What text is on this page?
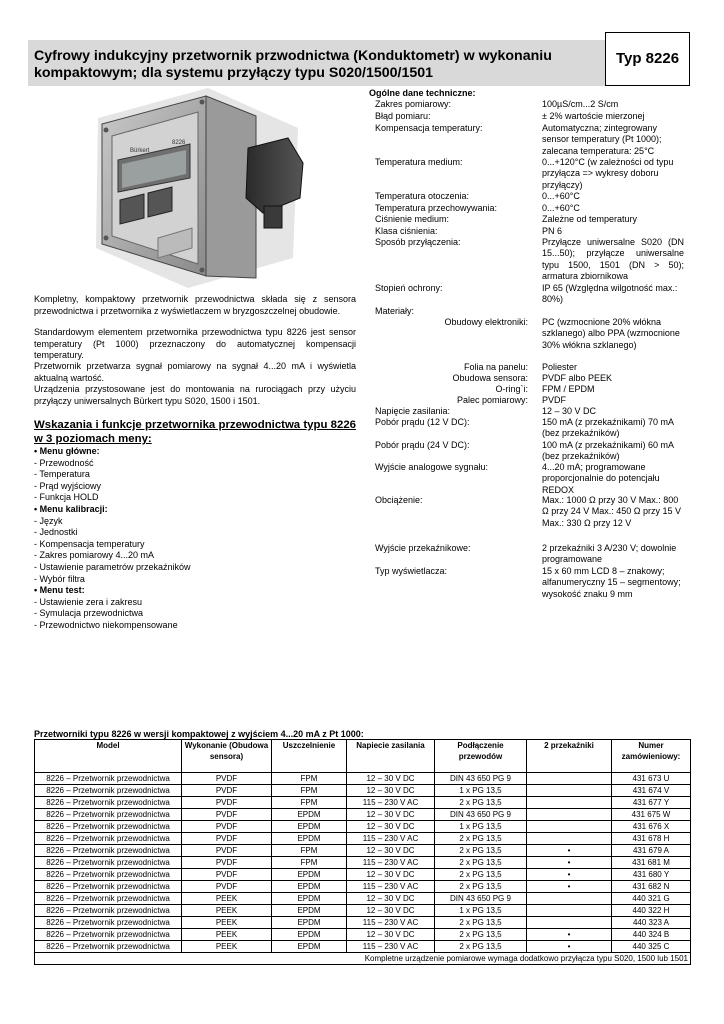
Cyfrowy indukcyjny przetwornik przwodnictwa (Konduktometr) w wykonaniu kompaktowym; dla systemu przyłączy typu S020/1500/1501
Typ 8226
Bürkert
8226
Kompletny, kompaktowy przetwornik przewodnictwa składa się z sensora przewodnictwa i przetwornika z wyświetlaczem w bryzgoszczelnej obudowie.
Standardowym elementem przetwornika przewodnictwa typu 8226 jest sensor temperatury (Pt 1000) przeznaczony do automatycznej kompensacji temperatury.
Przetwornik przetwarza sygnał pomiarowy na sygnał 4...20 mA i wyświetla aktualną wartość.
Urządzenia przystosowane jest do montowania na rurociągach przy użyciu przyłączy uniwersalnych Bürkert typu S020, 1500 i 1501.
Wskazania i funkcje przetwornika przewodnictwa typu 8226 w 3 poziomach meny:
• Menu główne:
- Przewodność
- Temperatura
- Prąd wyjściowy
- Funkcja HOLD
• Menu kalibracji:
- Język
- Jednostki
- Kompensacja temperatury
- Zakres pomiarowy 4...20 mA
- Ustawienie parametrów przekaźników
- Wybór filtra
• Menu test:
- Ustawienie zera i zakresu
- Symulacja przewodnictwa
- Przewodnictwo niekompensowane
Ogólne dane techniczne:
Zakres pomiarowy:	100µS/cm...2 S/cm
Błąd pomiaru:	± 2% wartoście mierzonej
Kompensacja temperatury:	Automatyczna; zintegrowany sensor temperatury (Pt 1000); zalecana temperatura: 25°C
Temperatura medium:	0...+120°C (w zależności od typu przyłącza => wykresy doboru przyłączy)
Temperatura otoczenia:	0...+60°C
Temperatura przechowywania:	0...+60°C
Ciśnienie medium:	Zależne od temperatury
Klasa ciśnienia:	PN 6
Sposób przyłączenia:	Przyłącze uniwersalne S020 (DN 15...50); przyłącze uniwersalne typu 1500, 1501 (DN > 50); armatura zbiornikowa
Stopień ochrony:	IP 65 (Względna wilgotność max.: 80%)
Materiały:
Obudowy elektroniki: PC (wzmocnione 20% włókna szklanego) albo PPA (wzmocnione 30% włókna szklanego)
Folia na panelu: Poliester
Obudowa sensora: PVDF albo PEEK
O-ring`i: FPM / EPDM
Palec pomiarowy: PVDF
Napięcie zasilania:	12 – 30 V DC
Pobór prądu (12 V DC):	150 mA (z przekaźnikami) 70 mA (bez przekaźników)
Pobór prądu (24 V DC):	100 mA (z przekaźnikami) 60 mA (bez przekaźników)
Wyjście analogowe sygnału:	4...20 mA; programowane proporcjonalnie do potencjału REDOX
Obciążenie:	Max.: 1000 Ω przy 30 V Max.: 800 Ω przy 24 V Max.: 450 Ω przy 15 V Max.: 330 Ω przy 12 V
Wyjście przekaźnikowe:	2 przekaźniki 3 A/230 V; dowolnie programowane
Typ wyświetlacza:	15 x 60 mm LCD 8 – znakowy; alfanumeryczny 15 – segmentowy; wysokość znaku 9 mm
Przetworniki typu 8226 w wersji kompaktowej z wyjściem 4...20 mA z Pt 1000:
Model	Wykonanie (Obudowa sensora)	Uszczelnienie	Napiecie zasilania	Podłączenie przewodów	2 przekaźniki	Numer zamówieniowy:
8226 – Przetwornik przewodnictwa	PVDF	FPM	12 – 30 V DC	DIN 43 650 PG 9		431 673 U
8226 – Przetwornik przewodnictwa	PVDF	FPM	12 – 30 V DC	1 x PG 13,5		431 674 V
8226 – Przetwornik przewodnictwa	PVDF	FPM	115 – 230 V AC	2 x PG 13,5		431 677 Y
8226 – Przetwornik przewodnictwa	PVDF	EPDM	12 – 30 V DC	DIN 43 650 PG 9		431 675 W
8226 – Przetwornik przewodnictwa	PVDF	EPDM	12 – 30 V DC	1 x PG 13,5		431 676 X
8226 – Przetwornik przewodnictwa	PVDF	EPDM	115 – 230 V AC	2 x PG 13,5		431 678 H
8226 – Przetwornik przewodnictwa	PVDF	FPM	12 – 30 V DC	2 x PG 13,5	•	431 679 A
8226 – Przetwornik przewodnictwa	PVDF	FPM	115 – 230 V AC	2 x PG 13,5	•	431 681 M
8226 – Przetwornik przewodnictwa	PVDF	EPDM	12 – 30 V DC	2 x PG 13,5	•	431 680 Y
8226 – Przetwornik przewodnictwa	PVDF	EPDM	115 – 230 V AC	2 x PG 13,5	•	431 682 N
8226 – Przetwornik przewodnictwa	PEEK	EPDM	12 – 30 V DC	DIN 43 650 PG 9		440 321 G
8226 – Przetwornik przewodnictwa	PEEK	EPDM	12 – 30 V DC	1 x PG 13,5		440 322 H
8226 – Przetwornik przewodnictwa	PEEK	EPDM	115 – 230 V AC	2 x PG 13,5		440 323 A
8226 – Przetwornik przewodnictwa	PEEK	EPDM	12 – 30 V DC	2 x PG 13,5	•	440 324 B
8226 – Przetwornik przewodnictwa	PEEK	EPDM	115 – 230 V AC	2 x PG 13,5	•	440 325 C
Kompletne urządzenie pomiarowe wymaga dodatkowo przyłącza typu S020, 1500 lub 1501						
